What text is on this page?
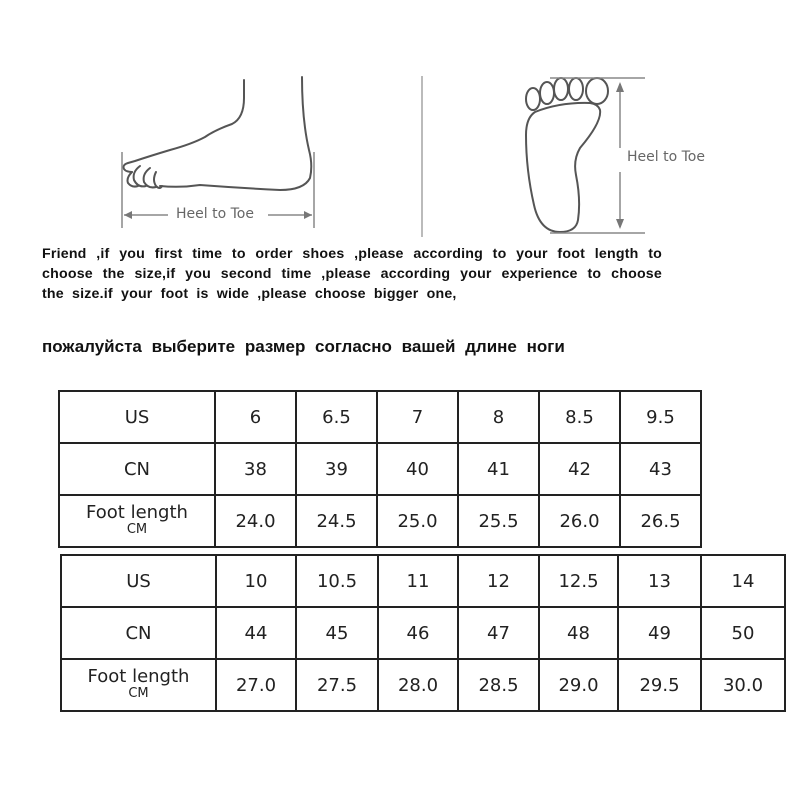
Heel to Toe
Heel to Toe

Friend ,if you first time to order shoes ,please according to your foot length to choose the size,if you second time ,please according your experience to choose the size.if your foot is wide ,please choose bigger one,

пожалуйста выберите размер согласно вашей длине ноги

US	6	6.5	7	8	8.5	9.5
CN	38	39	40	41	42	43

Foot length
CM	24.0	24.5	25.0	25.5	26.0	26.5
US	10	10.5	11	12	12.5	13	14
CN	44	45	46	47	48	49	50

Foot length
CM	27.0	27.5	28.0	28.5	29.0	29.5	30.0
